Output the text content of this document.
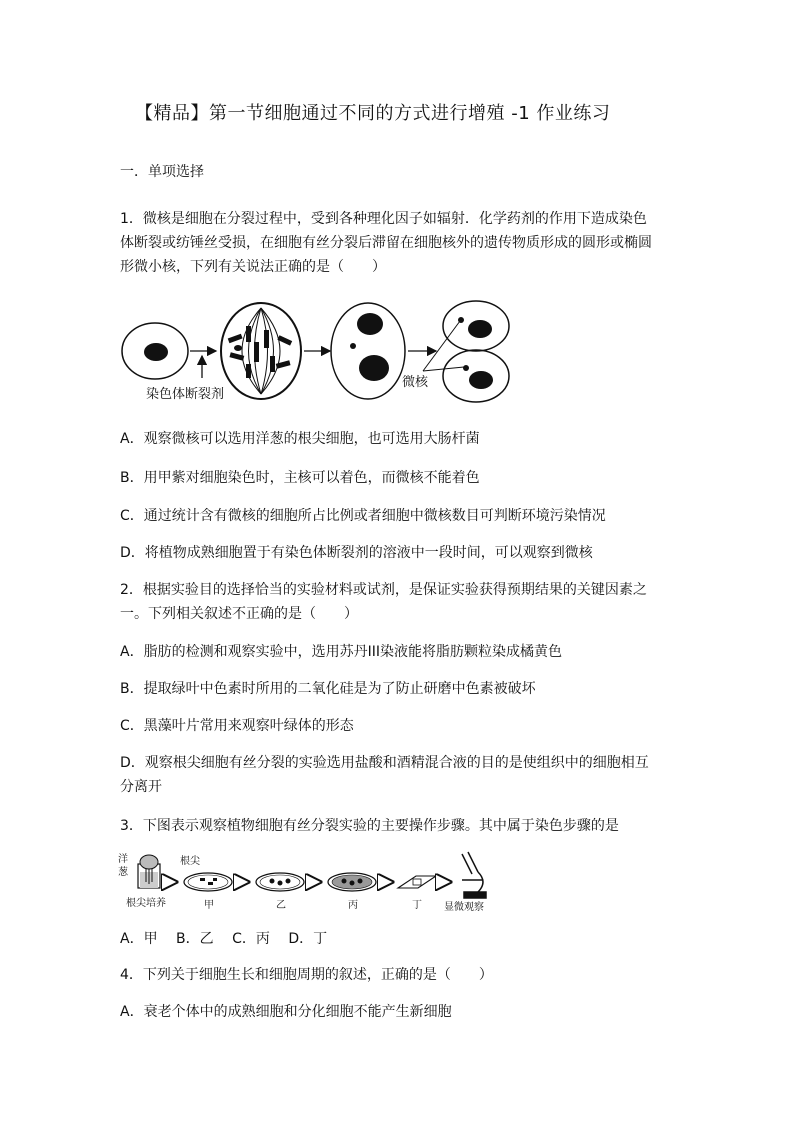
【精品】第一节细胞通过不同的方式进行增殖 -1 作业练习
一．单项选择
1．微核是细胞在分裂过程中，受到各种理化因子如辐射．化学药剂的作用下造成染色
体断裂或纺锤丝受损，在细胞有丝分裂后滞留在细胞核外的遗传物质形成的圆形或椭圆
形微小核，下列有关说法正确的是（　　）
染色体断裂剂
微核
A．观察微核可以选用洋葱的根尖细胞，也可选用大肠杆菌
B．用甲紫对细胞染色时，主核可以着色，而微核不能着色
C．通过统计含有微核的细胞所占比例或者细胞中微核数目可判断环境污染情况
D．将植物成熟细胞置于有染色体断裂剂的溶液中一段时间，可以观察到微核
2．根据实验目的选择恰当的实验材料或试剂，是保证实验获得预期结果的关键因素之
一。下列相关叙述不正确的是（　　）
A．脂肪的检测和观察实验中，选用苏丹III染液能将脂肪颗粒染成橘黄色
B．提取绿叶中色素时所用的二氧化硅是为了防止研磨中色素被破坏
C．黑藻叶片常用来观察叶绿体的形态
D．观察根尖细胞有丝分裂的实验选用盐酸和酒精混合液的目的是使组织中的细胞相互
分离开
3．下图表示观察植物细胞有丝分裂实验的主要操作步骤。其中属于染色步骤的是
洋
葱
根尖
根尖培养	甲	乙	丙	丁 显微观察
A．甲 B．乙 C．丙 D．丁
4．下列关于细胞生长和细胞周期的叙述，正确的是（　　）
A．衰老个体中的成熟细胞和分化细胞不能产生新细胞
